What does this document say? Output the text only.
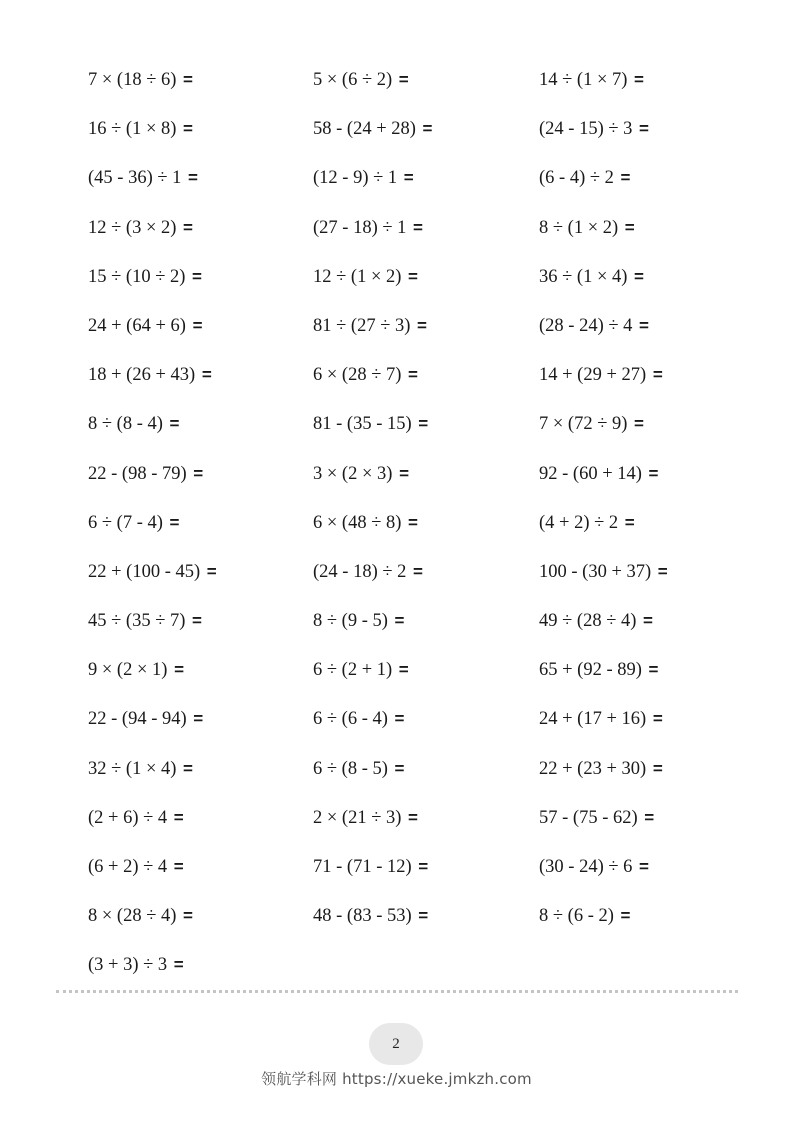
7 × (18 ÷ 6) =	5 × (6 ÷ 2) =	14 ÷ (1 × 7) =
16 ÷ (1 × 8) =	58 - (24 + 28) =	(24 - 15) ÷ 3 =
(45 - 36) ÷ 1 =	(12 - 9) ÷ 1 =	(6 - 4) ÷ 2 =
12 ÷ (3 × 2) =	(27 - 18) ÷ 1 =	8 ÷ (1 × 2) =
15 ÷ (10 ÷ 2) =	12 ÷ (1 × 2) =	36 ÷ (1 × 4) =
24 + (64 + 6) =	81 ÷ (27 ÷ 3) =	(28 - 24) ÷ 4 =
18 + (26 + 43) =	6 × (28 ÷ 7) =	14 + (29 + 27) =
8 ÷ (8 - 4) =	81 - (35 - 15) =	7 × (72 ÷ 9) =
22 - (98 - 79) =	3 × (2 × 3) =	92 - (60 + 14) =
6 ÷ (7 - 4) =	6 × (48 ÷ 8) =	(4 + 2) ÷ 2 =
22 + (100 - 45) =	(24 - 18) ÷ 2 =	100 - (30 + 37) =
45 ÷ (35 ÷ 7) =	8 ÷ (9 - 5) =	49 ÷ (28 ÷ 4) =
9 × (2 × 1) =	6 ÷ (2 + 1) =	65 + (92 - 89) =
22 - (94 - 94) =	6 ÷ (6 - 4) =	24 + (17 + 16) =
32 ÷ (1 × 4) =	6 ÷ (8 - 5) =	22 + (23 + 30) =
(2 + 6) ÷ 4 =	2 × (21 ÷ 3) =	57 - (75 - 62) =
(6 + 2) ÷ 4 =	71 - (71 - 12) =	(30 - 24) ÷ 6 =
8 × (28 ÷ 4) =	48 - (83 - 53) =	8 ÷ (6 - 2) =
(3 + 3) ÷ 3 =
2
领航学科网 https://xueke.jmkzh.com
